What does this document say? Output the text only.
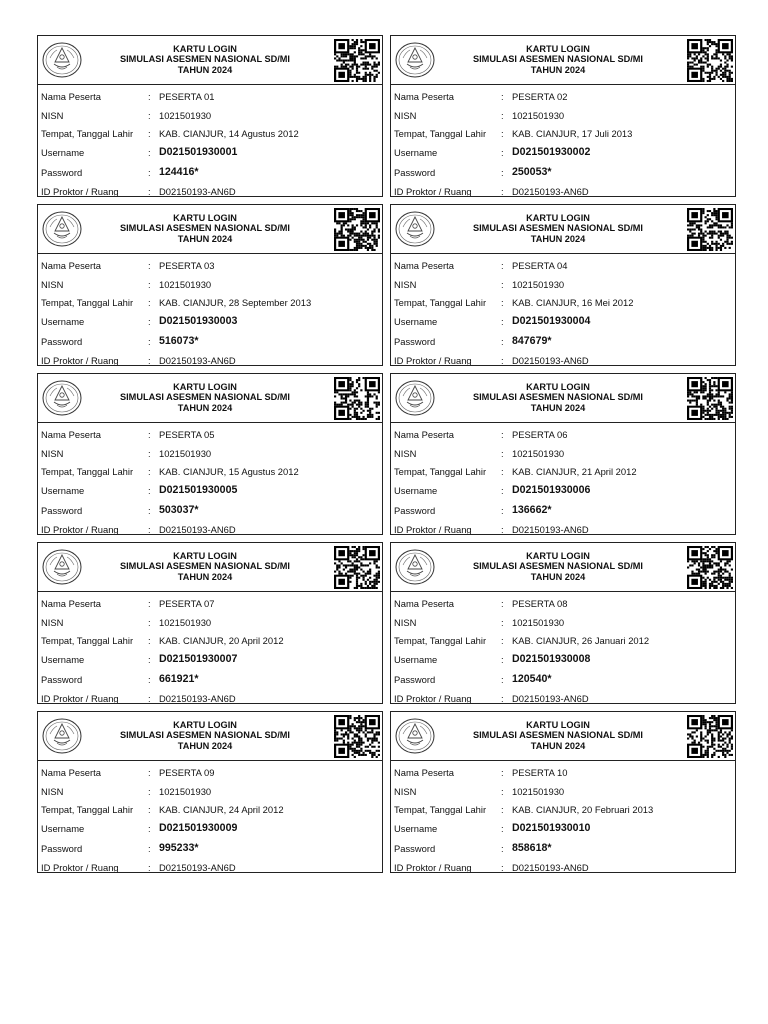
KARTU LOGIN
SIMULASI ASESMEN NASIONAL SD/MI
TAHUN 2024
Nama Peserta	: PESERTA 01
NISN	: 1021501930
Tempat, Tanggal Lahir : KAB. CIANJUR, 14 Agustus 2012
Username	: D021501930001
Password	: 124416*
ID Proktor / Ruang	: D02150193-AN6D
KARTU LOGIN
SIMULASI ASESMEN NASIONAL SD/MI
TAHUN 2024
Nama Peserta	: PESERTA 02
NISN	: 1021501930
Tempat, Tanggal Lahir : KAB. CIANJUR, 17 Juli 2013
Username	: D021501930002
Password	: 250053*
ID Proktor / Ruang	: D02150193-AN6D
KARTU LOGIN
SIMULASI ASESMEN NASIONAL SD/MI
TAHUN 2024
Nama Peserta	: PESERTA 03
NISN	: 1021501930
Tempat, Tanggal Lahir : KAB. CIANJUR, 28 September 2013
Username	: D021501930003
Password	: 516073*
ID Proktor / Ruang	: D02150193-AN6D
KARTU LOGIN
SIMULASI ASESMEN NASIONAL SD/MI
TAHUN 2024
Nama Peserta	: PESERTA 04
NISN	: 1021501930
Tempat, Tanggal Lahir : KAB. CIANJUR, 16 Mei 2012
Username	: D021501930004
Password	: 847679*
ID Proktor / Ruang	: D02150193-AN6D
KARTU LOGIN
SIMULASI ASESMEN NASIONAL SD/MI
TAHUN 2024
Nama Peserta	: PESERTA 05
NISN	: 1021501930
Tempat, Tanggal Lahir : KAB. CIANJUR, 15 Agustus 2012
Username	: D021501930005
Password	: 503037*
ID Proktor / Ruang	: D02150193-AN6D
KARTU LOGIN
SIMULASI ASESMEN NASIONAL SD/MI
TAHUN 2024
Nama Peserta	: PESERTA 06
NISN	: 1021501930
Tempat, Tanggal Lahir : KAB. CIANJUR, 21 April 2012
Username	: D021501930006
Password	: 136662*
ID Proktor / Ruang	: D02150193-AN6D
KARTU LOGIN
SIMULASI ASESMEN NASIONAL SD/MI
TAHUN 2024
Nama Peserta	: PESERTA 07
NISN	: 1021501930
Tempat, Tanggal Lahir : KAB. CIANJUR, 20 April 2012
Username	: D021501930007
Password	: 661921*
ID Proktor / Ruang	: D02150193-AN6D
KARTU LOGIN
SIMULASI ASESMEN NASIONAL SD/MI
TAHUN 2024
Nama Peserta	: PESERTA 08
NISN	: 1021501930
Tempat, Tanggal Lahir : KAB. CIANJUR, 26 Januari 2012
Username	: D021501930008
Password	: 120540*
ID Proktor / Ruang	: D02150193-AN6D
KARTU LOGIN
SIMULASI ASESMEN NASIONAL SD/MI
TAHUN 2024
Nama Peserta	: PESERTA 09
NISN	: 1021501930
Tempat, Tanggal Lahir : KAB. CIANJUR, 24 April 2012
Username	: D021501930009
Password	: 995233*
ID Proktor / Ruang	: D02150193-AN6D
KARTU LOGIN
SIMULASI ASESMEN NASIONAL SD/MI
TAHUN 2024
Nama Peserta	: PESERTA 10
NISN	: 1021501930
Tempat, Tanggal Lahir : KAB. CIANJUR, 20 Februari 2013
Username	: D021501930010
Password	: 858618*
ID Proktor / Ruang	: D02150193-AN6D
